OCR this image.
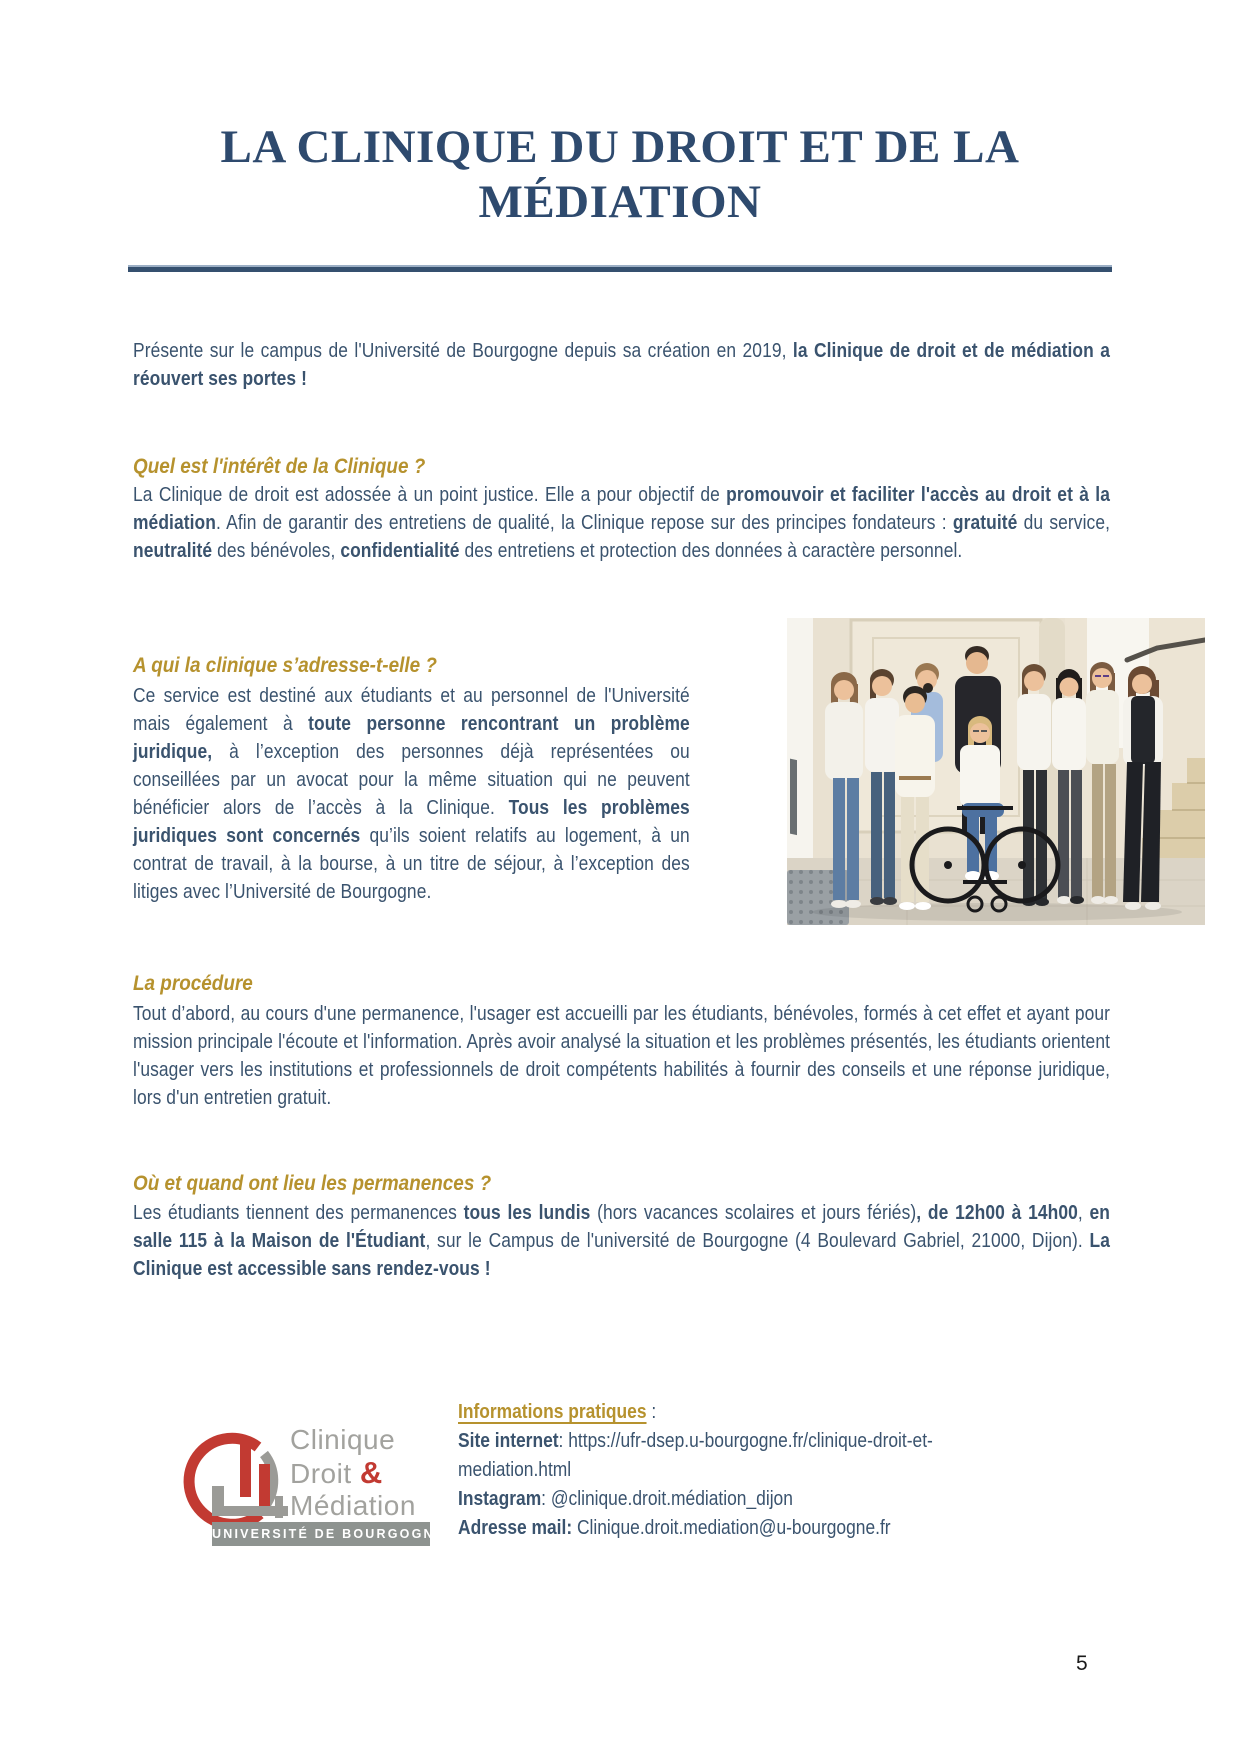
LA CLINIQUE DU DROIT ET DE LA MÉDIATION
Présente sur le campus de l'Université de Bourgogne depuis sa création en 2019, la Clinique de droit et de médiation a réouvert ses portes !
Quel est l'intérêt de la Clinique ?
La Clinique de droit est adossée à un point justice. Elle a pour objectif de promouvoir et faciliter l'accès au droit et à la médiation. Afin de garantir des entretiens de qualité, la Clinique repose sur des principes fondateurs : gratuité du service, neutralité des bénévoles, confidentialité des entretiens et protection des données à caractère personnel.
A qui la clinique s’adresse-t-elle ?
Ce service est destiné aux étudiants et au personnel de l'Université mais également à toute personne rencontrant un problème juridique, à l’exception des personnes déjà représentées ou conseillées par un avocat pour la même situation qui ne peuvent bénéficier alors de l’accès à la Clinique. Tous les problèmes juridiques sont concernés qu’ils soient relatifs au logement, à un contrat de travail, à la bourse, à un titre de séjour, à l’exception des litiges avec l’Université de Bourgogne.
La procédure
Tout d’abord, au cours d'une permanence, l'usager est accueilli par les étudiants, bénévoles, formés à cet effet et ayant pour mission principale l'écoute et l'information. Après avoir analysé la situation et les problèmes présentés, les étudiants orientent l'usager vers les institutions et professionnels de droit compétents habilités à fournir des conseils et une réponse juridique, lors d'un entretien gratuit.
Où et quand ont lieu les permanences ?
Les étudiants tiennent des permanences tous les lundis (hors vacances scolaires et jours fériés), de 12h00 à 14h00, en salle 115 à la Maison de l'Étudiant, sur le Campus de l'université de Bourgogne (4 Boulevard Gabriel, 21000, Dijon). La Clinique est accessible sans rendez-vous !
Clinique
Droit &
Médiation
UNIVERSITÉ DE BOURGOGNE
Informations pratiques :
Site internet: https://ufr-dsep.u-bourgogne.fr/clinique-droit-et-mediation.html
Instagram: @clinique.droit.médiation_dijon
Adresse mail: Clinique.droit.mediation@u-bourgogne.fr
5
